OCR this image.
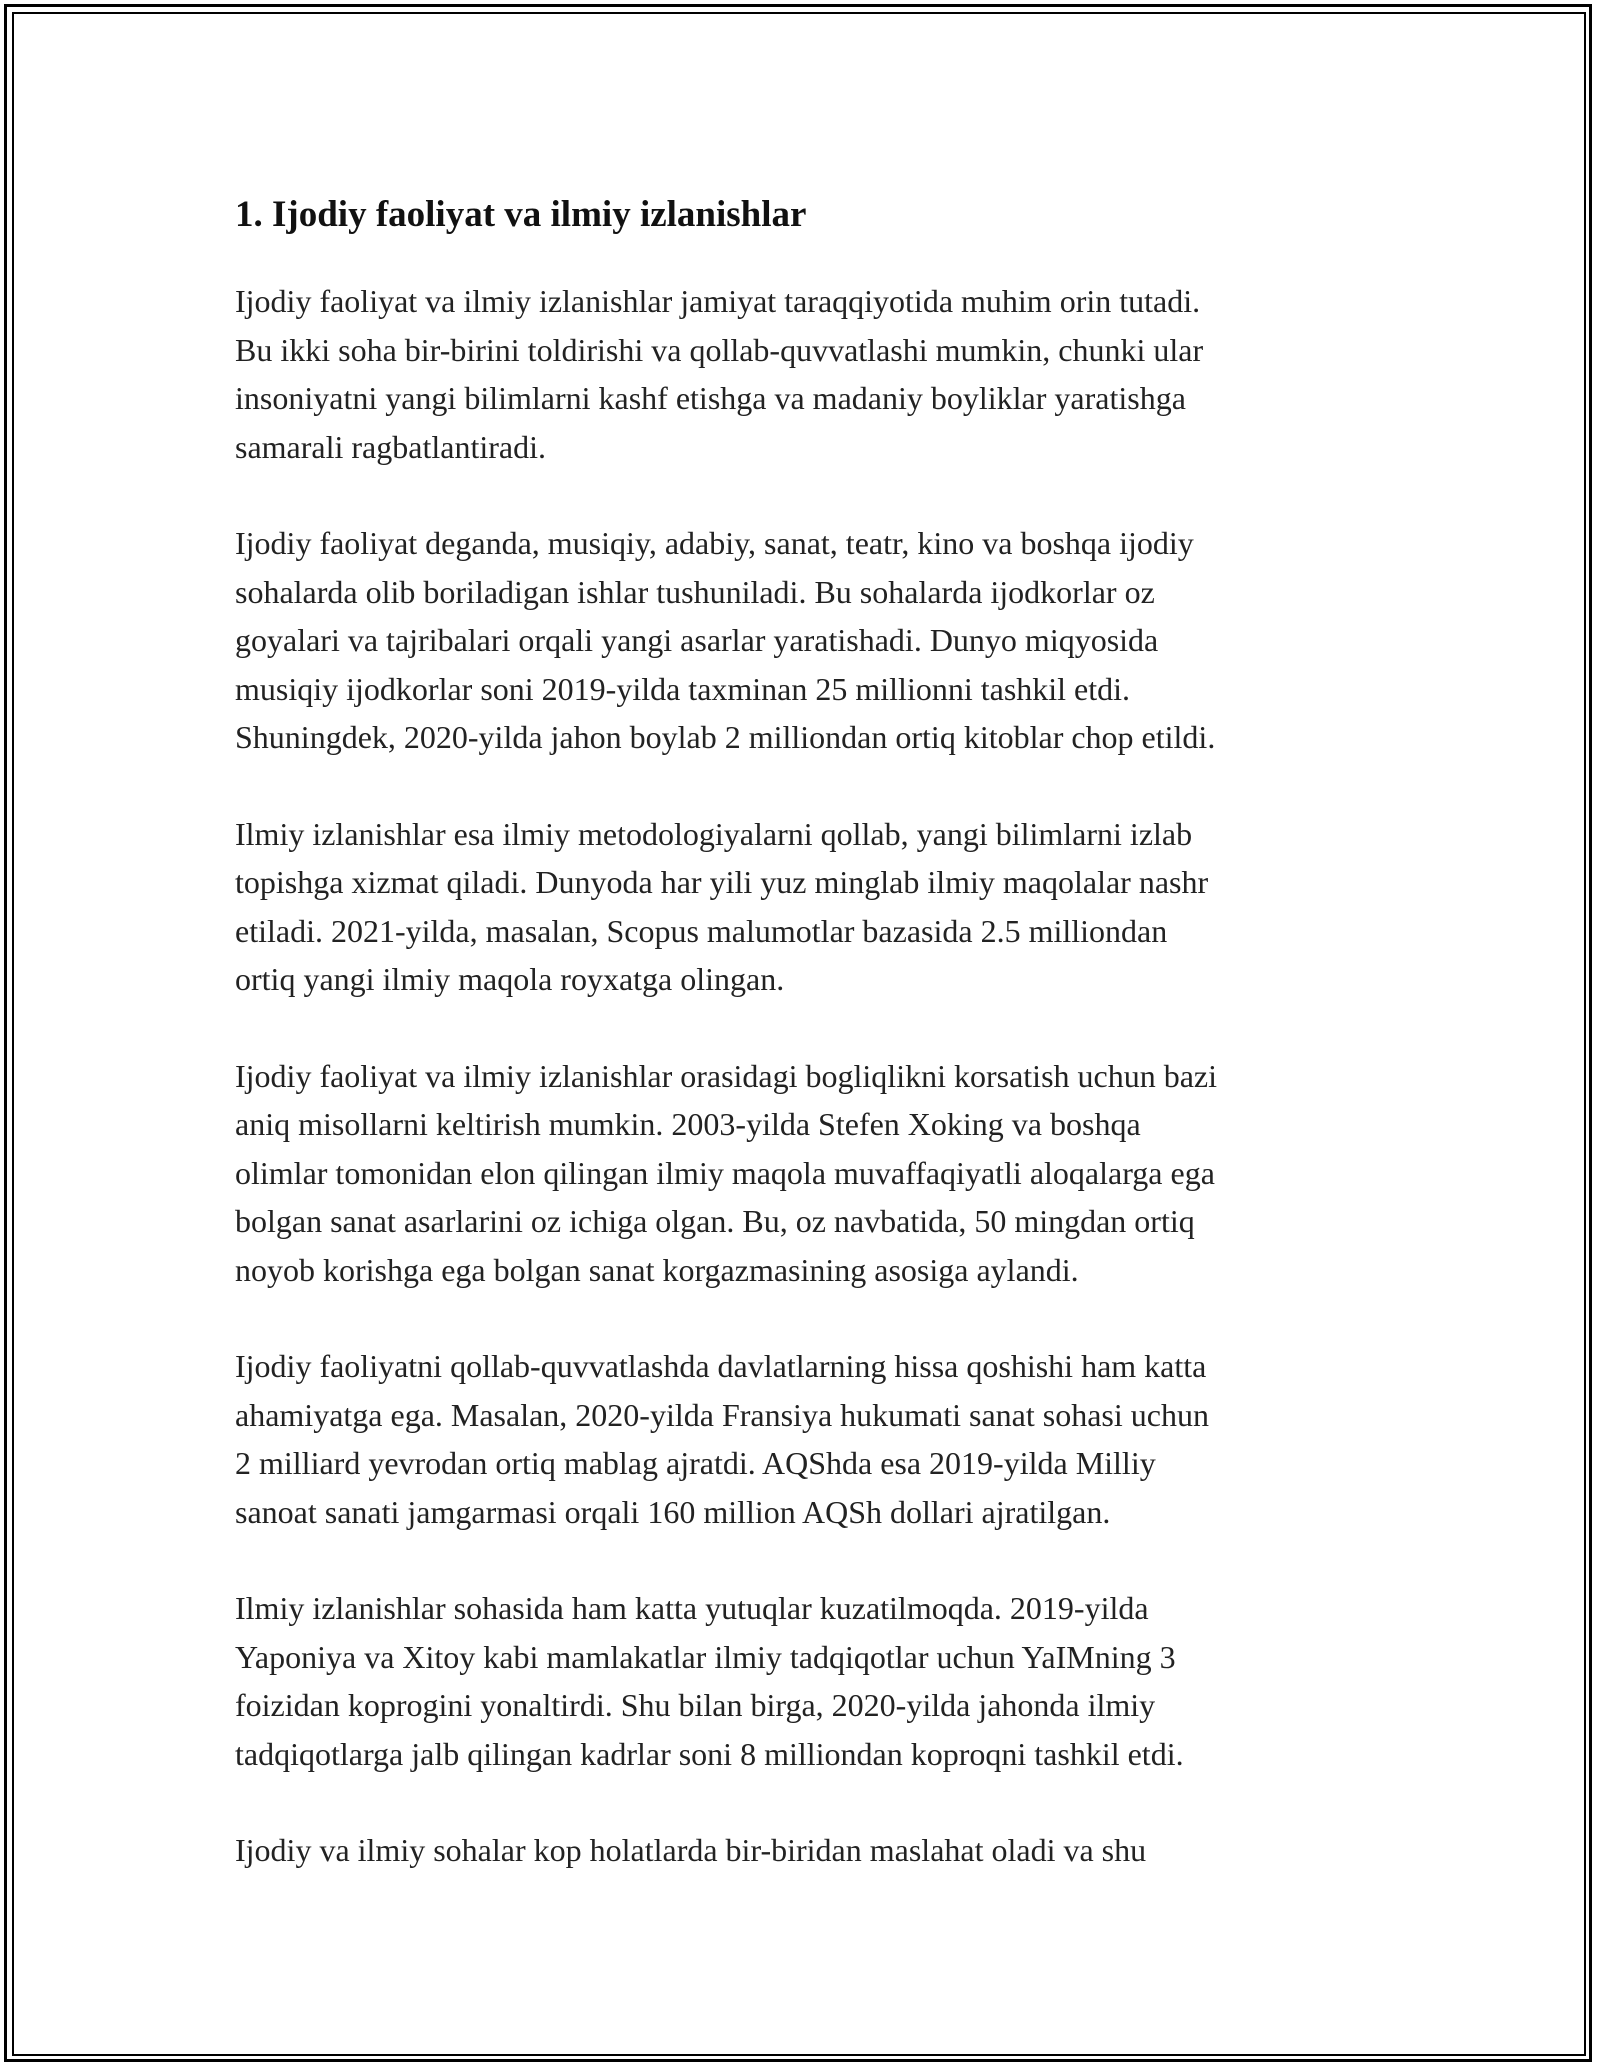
1. Ijodiy faoliyat va ilmiy izlanishlar

Ijodiy faoliyat va ilmiy izlanishlar jamiyat taraqqiyotida muhim orin tutadi.
Bu ikki soha bir-birini toldirishi va qollab-quvvatlashi mumkin, chunki ular
insoniyatni yangi bilimlarni kashf etishga va madaniy boyliklar yaratishga
samarali ragbatlantiradi.

Ijodiy faoliyat deganda, musiqiy, adabiy, sanat, teatr, kino va boshqa ijodiy
sohalarda olib boriladigan ishlar tushuniladi. Bu sohalarda ijodkorlar oz
goyalari va tajribalari orqali yangi asarlar yaratishadi. Dunyo miqyosida
musiqiy ijodkorlar soni 2019-yilda taxminan 25 millionni tashkil etdi.
Shuningdek, 2020-yilda jahon boylab 2 milliondan ortiq kitoblar chop etildi.

Ilmiy izlanishlar esa ilmiy metodologiyalarni qollab, yangi bilimlarni izlab
topishga xizmat qiladi. Dunyoda har yili yuz minglab ilmiy maqolalar nashr
etiladi. 2021-yilda, masalan, Scopus malumotlar bazasida 2.5 milliondan
ortiq yangi ilmiy maqola royxatga olingan.

Ijodiy faoliyat va ilmiy izlanishlar orasidagi bogliqlikni korsatish uchun bazi
aniq misollarni keltirish mumkin. 2003-yilda Stefen Xoking va boshqa
olimlar tomonidan elon qilingan ilmiy maqola muvaffaqiyatli aloqalarga ega
bolgan sanat asarlarini oz ichiga olgan. Bu, oz navbatida, 50 mingdan ortiq
noyob korishga ega bolgan sanat korgazmasining asosiga aylandi.

Ijodiy faoliyatni qollab-quvvatlashda davlatlarning hissa qoshishi ham katta
ahamiyatga ega. Masalan, 2020-yilda Fransiya hukumati sanat sohasi uchun
2 milliard yevrodan ortiq mablag ajratdi. AQShda esa 2019-yilda Milliy
sanoat sanati jamgarmasi orqali 160 million AQSh dollari ajratilgan.

Ilmiy izlanishlar sohasida ham katta yutuqlar kuzatilmoqda. 2019-yilda
Yaponiya va Xitoy kabi mamlakatlar ilmiy tadqiqotlar uchun YaIMning 3
foizidan koprogini yonaltirdi. Shu bilan birga, 2020-yilda jahonda ilmiy
tadqiqotlarga jalb qilingan kadrlar soni 8 milliondan koproqni tashkil etdi.

Ijodiy va ilmiy sohalar kop holatlarda bir-biridan maslahat oladi va shu
